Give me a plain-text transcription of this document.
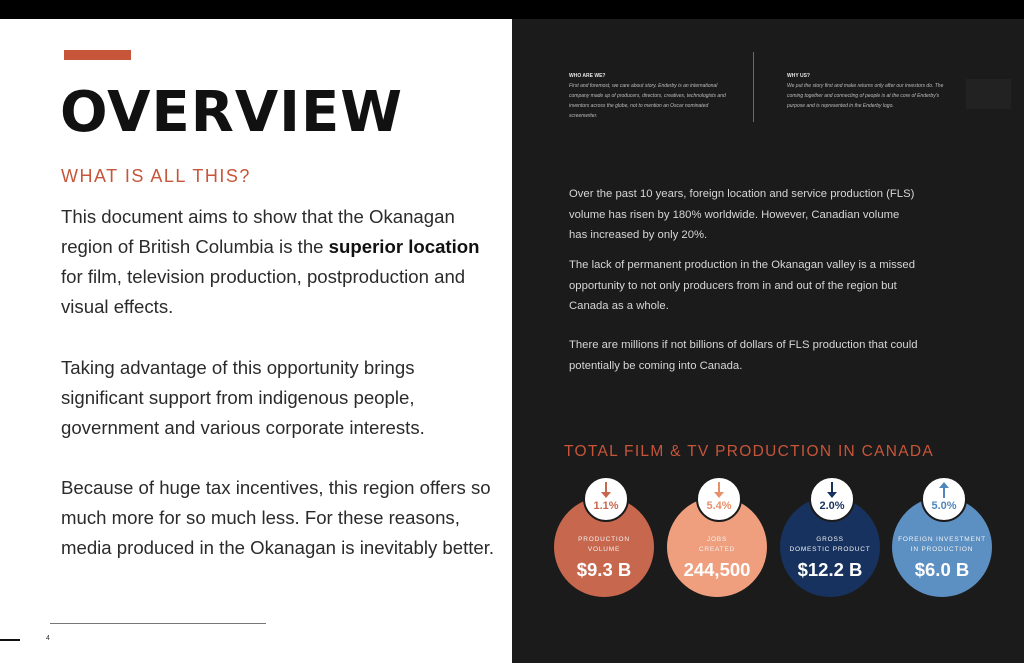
OVERVIEW
WHAT IS ALL THIS?
This document aims to show that the Okanagan region of British Columbia is the superior location for film, television production, postproduction and visual effects.
Taking advantage of this opportunity brings significant support from indigenous people, government and various corporate interests.
Because of huge tax incentives, this region offers so much more for so much less. For these reasons, media produced in the Okanagan is inevitably better.
4
WHO ARE WE?
First and foremost, we care about story. Enderby is an international company made up of producers, directors, creatives, technologists and inventors across the globe, not to mention an Oscar nominated screenwriter.
WHY US?
We put the story first and make returns only after our investors do. The coming together and connecting of people is at the core of Enderby's purpose and is represented in the Enderby logo.
Over the past 10 years, foreign location and service production (FLS) volume has risen by 180% worldwide. However, Canadian volume has increased by only 20%.
The lack of permanent production in the Okanagan valley is a missed opportunity to not only producers from in and out of the region but Canada as a whole.
There are millions if not billions of dollars of FLS production that could potentially be coming into Canada.
TOTAL FILM & TV PRODUCTION IN CANADA
PRODUCTION
VOLUME
$9.3 B
1.1%
JOBS
CREATED
244,500
5.4%
GROSS
DOMESTIC PRODUCT
$12.2 B
2.0%
FOREIGN INVESTMENT
IN PRODUCTION
$6.0 B
5.0%
